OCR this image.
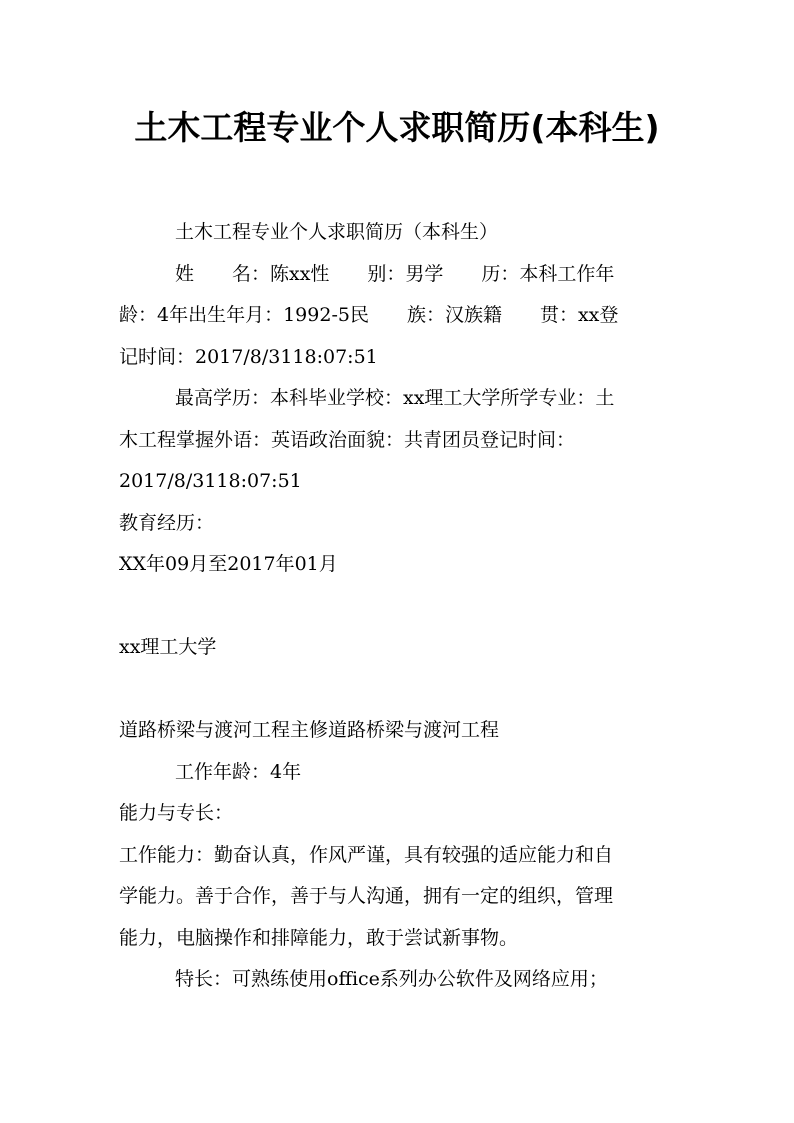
土木工程专业个人求职简历(本科生)

土木工程专业个人求职简历（本科生）

姓　　名：陈xx性　　别：男学　　历：本科工作年

龄：4年出生年月：1992-5民　　族：汉族籍　　贯：xx登

记时间：2017/8/3118:07:51

最高学历：本科毕业学校：xx理工大学所学专业：土

木工程掌握外语：英语政治面貌：共青团员登记时间：

2017/8/3118:07:51

教育经历：

XX年09月至2017年01月

xx理工大学

道路桥梁与渡河工程主修道路桥梁与渡河工程

工作年龄：4年

能力与专长：

工作能力：勤奋认真，作风严谨，具有较强的适应能力和自

学能力。善于合作，善于与人沟通，拥有一定的组织，管理

能力，电脑操作和排障能力，敢于尝试新事物。

特长：可熟练使用office系列办公软件及网络应用；
